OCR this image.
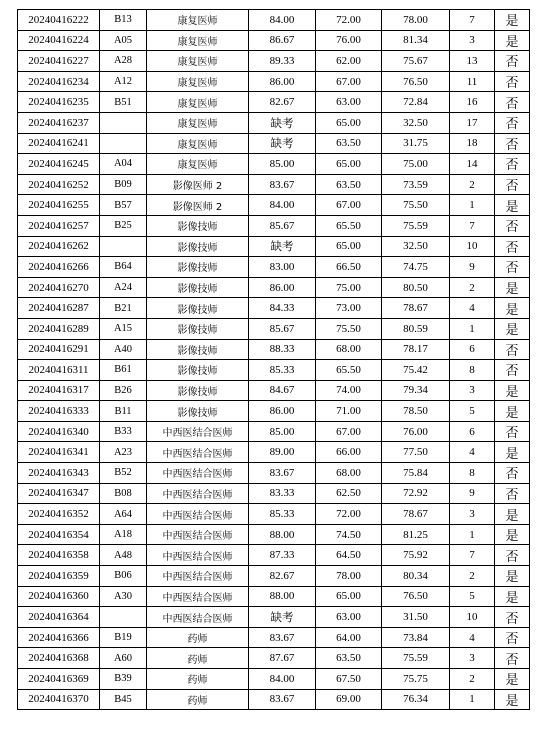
20240416222	B13	康复医师	84.00	72.00	78.00	7	是
20240416224	A05	康复医师	86.67	76.00	81.34	3	是
20240416227	A28	康复医师	89.33	62.00	75.67	13	否
20240416234	A12	康复医师	86.00	67.00	76.50	11	否
20240416235	B51	康复医师	82.67	63.00	72.84	16	否
20240416237		康复医师	缺考	65.00	32.50	17	否
20240416241		康复医师	缺考	63.50	31.75	18	否
20240416245	A04	康复医师	85.00	65.00	75.00	14	否
20240416252	B09	影像医师 2	83.67	63.50	73.59	2	否
20240416255	B57	影像医师 2	84.00	67.00	75.50	1	是
20240416257	B25	影像技师	85.67	65.50	75.59	7	否
20240416262		影像技师	缺考	65.00	32.50	10	否
20240416266	B64	影像技师	83.00	66.50	74.75	9	否
20240416270	A24	影像技师	86.00	75.00	80.50	2	是
20240416287	B21	影像技师	84.33	73.00	78.67	4	是
20240416289	A15	影像技师	85.67	75.50	80.59	1	是
20240416291	A40	影像技师	88.33	68.00	78.17	6	否
20240416311	B61	影像技师	85.33	65.50	75.42	8	否
20240416317	B26	影像技师	84.67	74.00	79.34	3	是
20240416333	B11	影像技师	86.00	71.00	78.50	5	是
20240416340	B33	中西医结合医师	85.00	67.00	76.00	6	否
20240416341	A23	中西医结合医师	89.00	66.00	77.50	4	是
20240416343	B52	中西医结合医师	83.67	68.00	75.84	8	否
20240416347	B08	中西医结合医师	83.33	62.50	72.92	9	否
20240416352	A64	中西医结合医师	85.33	72.00	78.67	3	是
20240416354	A18	中西医结合医师	88.00	74.50	81.25	1	是
20240416358	A48	中西医结合医师	87.33	64.50	75.92	7	否
20240416359	B06	中西医结合医师	82.67	78.00	80.34	2	是
20240416360	A30	中西医结合医师	88.00	65.00	76.50	5	是
20240416364		中西医结合医师	缺考	63.00	31.50	10	否
20240416366	B19	药师	83.67	64.00	73.84	4	否
20240416368	A60	药师	87.67	63.50	75.59	3	否
20240416369	B39	药师	84.00	67.50	75.75	2	是
20240416370	B45	药师	83.67	69.00	76.34	1	是
